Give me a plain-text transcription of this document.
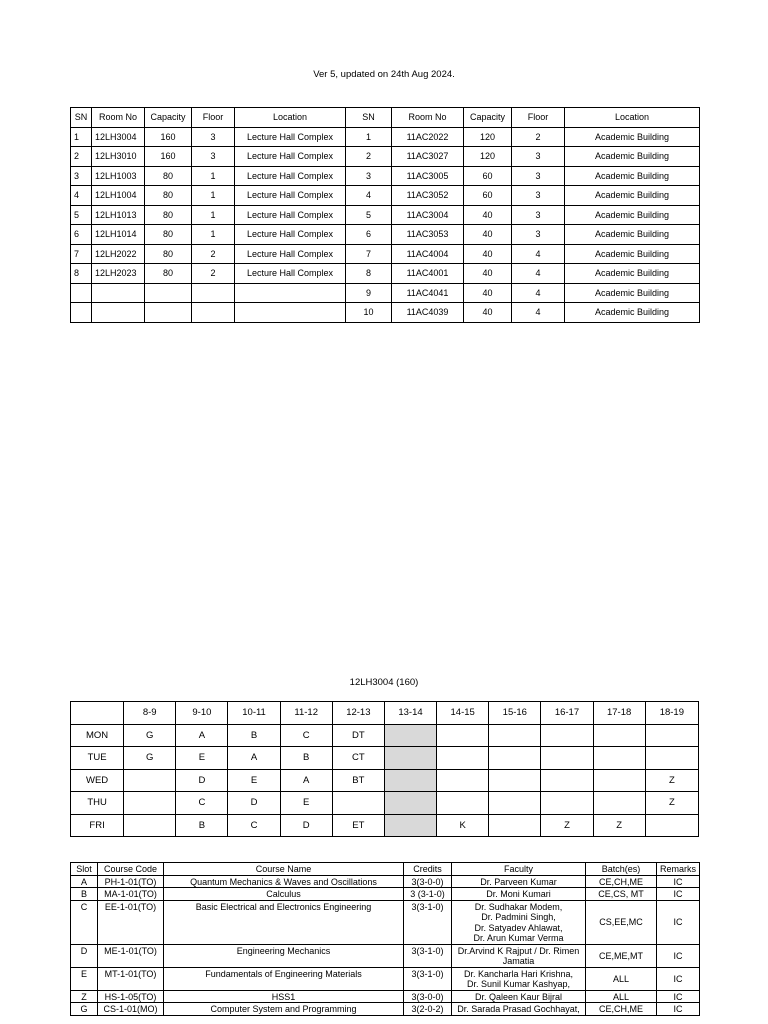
Ver 5, updated on 24th Aug 2024.
SN	Room No	Capacity	Floor	Location	SN	Room No	Capacity	Floor	Location
1	12LH3004	160	3	Lecture Hall Complex	1	11AC2022	120	2	Academic Building
2	12LH3010	160	3	Lecture Hall Complex	2	11AC3027	120	3	Academic Building
3	12LH1003	80	1	Lecture Hall Complex	3	11AC3005	60	3	Academic Building
4	12LH1004	80	1	Lecture Hall Complex	4	11AC3052	60	3	Academic Building
5	12LH1013	80	1	Lecture Hall Complex	5	11AC3004	40	3	Academic Building
6	12LH1014	80	1	Lecture Hall Complex	6	11AC3053	40	3	Academic Building
7	12LH2022	80	2	Lecture Hall Complex	7	11AC4004	40	4	Academic Building
8	12LH2023	80	2	Lecture Hall Complex	8	11AC4001	40	4	Academic Building
					9	11AC4041	40	4	Academic Building
					10	11AC4039	40	4	Academic Building
12LH3004 (160)
	8-9	9-10	10-11	11-12	12-13	13-14	14-15	15-16	16-17	17-18	18-19
MON	G	A	B	C	DT						
TUE	G	E	A	B	CT						
WED		D	E	A	BT						Z
THU		C	D	E							Z
FRI		B	C	D	ET		K		Z	Z	
Slot	Course Code	Course Name	Credits	Faculty	Batch(es)	Remarks
A	PH-1-01(TO)	Quantum Mechanics & Waves and Oscillations	3(3-0-0)	Dr. Parveen Kumar	CE,CH,ME	IC
B	MA-1-01(TO)	Calculus	3 (3-1-0)	Dr. Moni Kumari	CE,CS, MT	IC
C	EE-1-01(TO)	Basic Electrical and Electronics Engineering	3(3-1-0)	Dr. Sudhakar Modem,
Dr. Padmini Singh,
Dr. Satyadev Ahlawat,
Dr. Arun Kumar Verma	CS,EE,MC	IC
D	ME-1-01(TO)	Engineering Mechanics	3(3-1-0)	Dr.Arvind K Rajput / Dr. Rimen
Jamatia	CE,ME,MT	IC
E	MT-1-01(TO)	Fundamentals of Engineering Materials	3(3-1-0)	Dr. Kancharla Hari Krishna,
Dr. Sunil Kumar Kashyap,	ALL	IC
Z	HS-1-05(TO)	HSS1	3(3-0-0)	Dr. Qaleen Kaur Bijral	ALL	IC
G	CS-1-01(MO)	Computer System and Programming	3(2-0-2)	Dr. Sarada Prasad Gochhayat,	CE,CH,ME	IC
